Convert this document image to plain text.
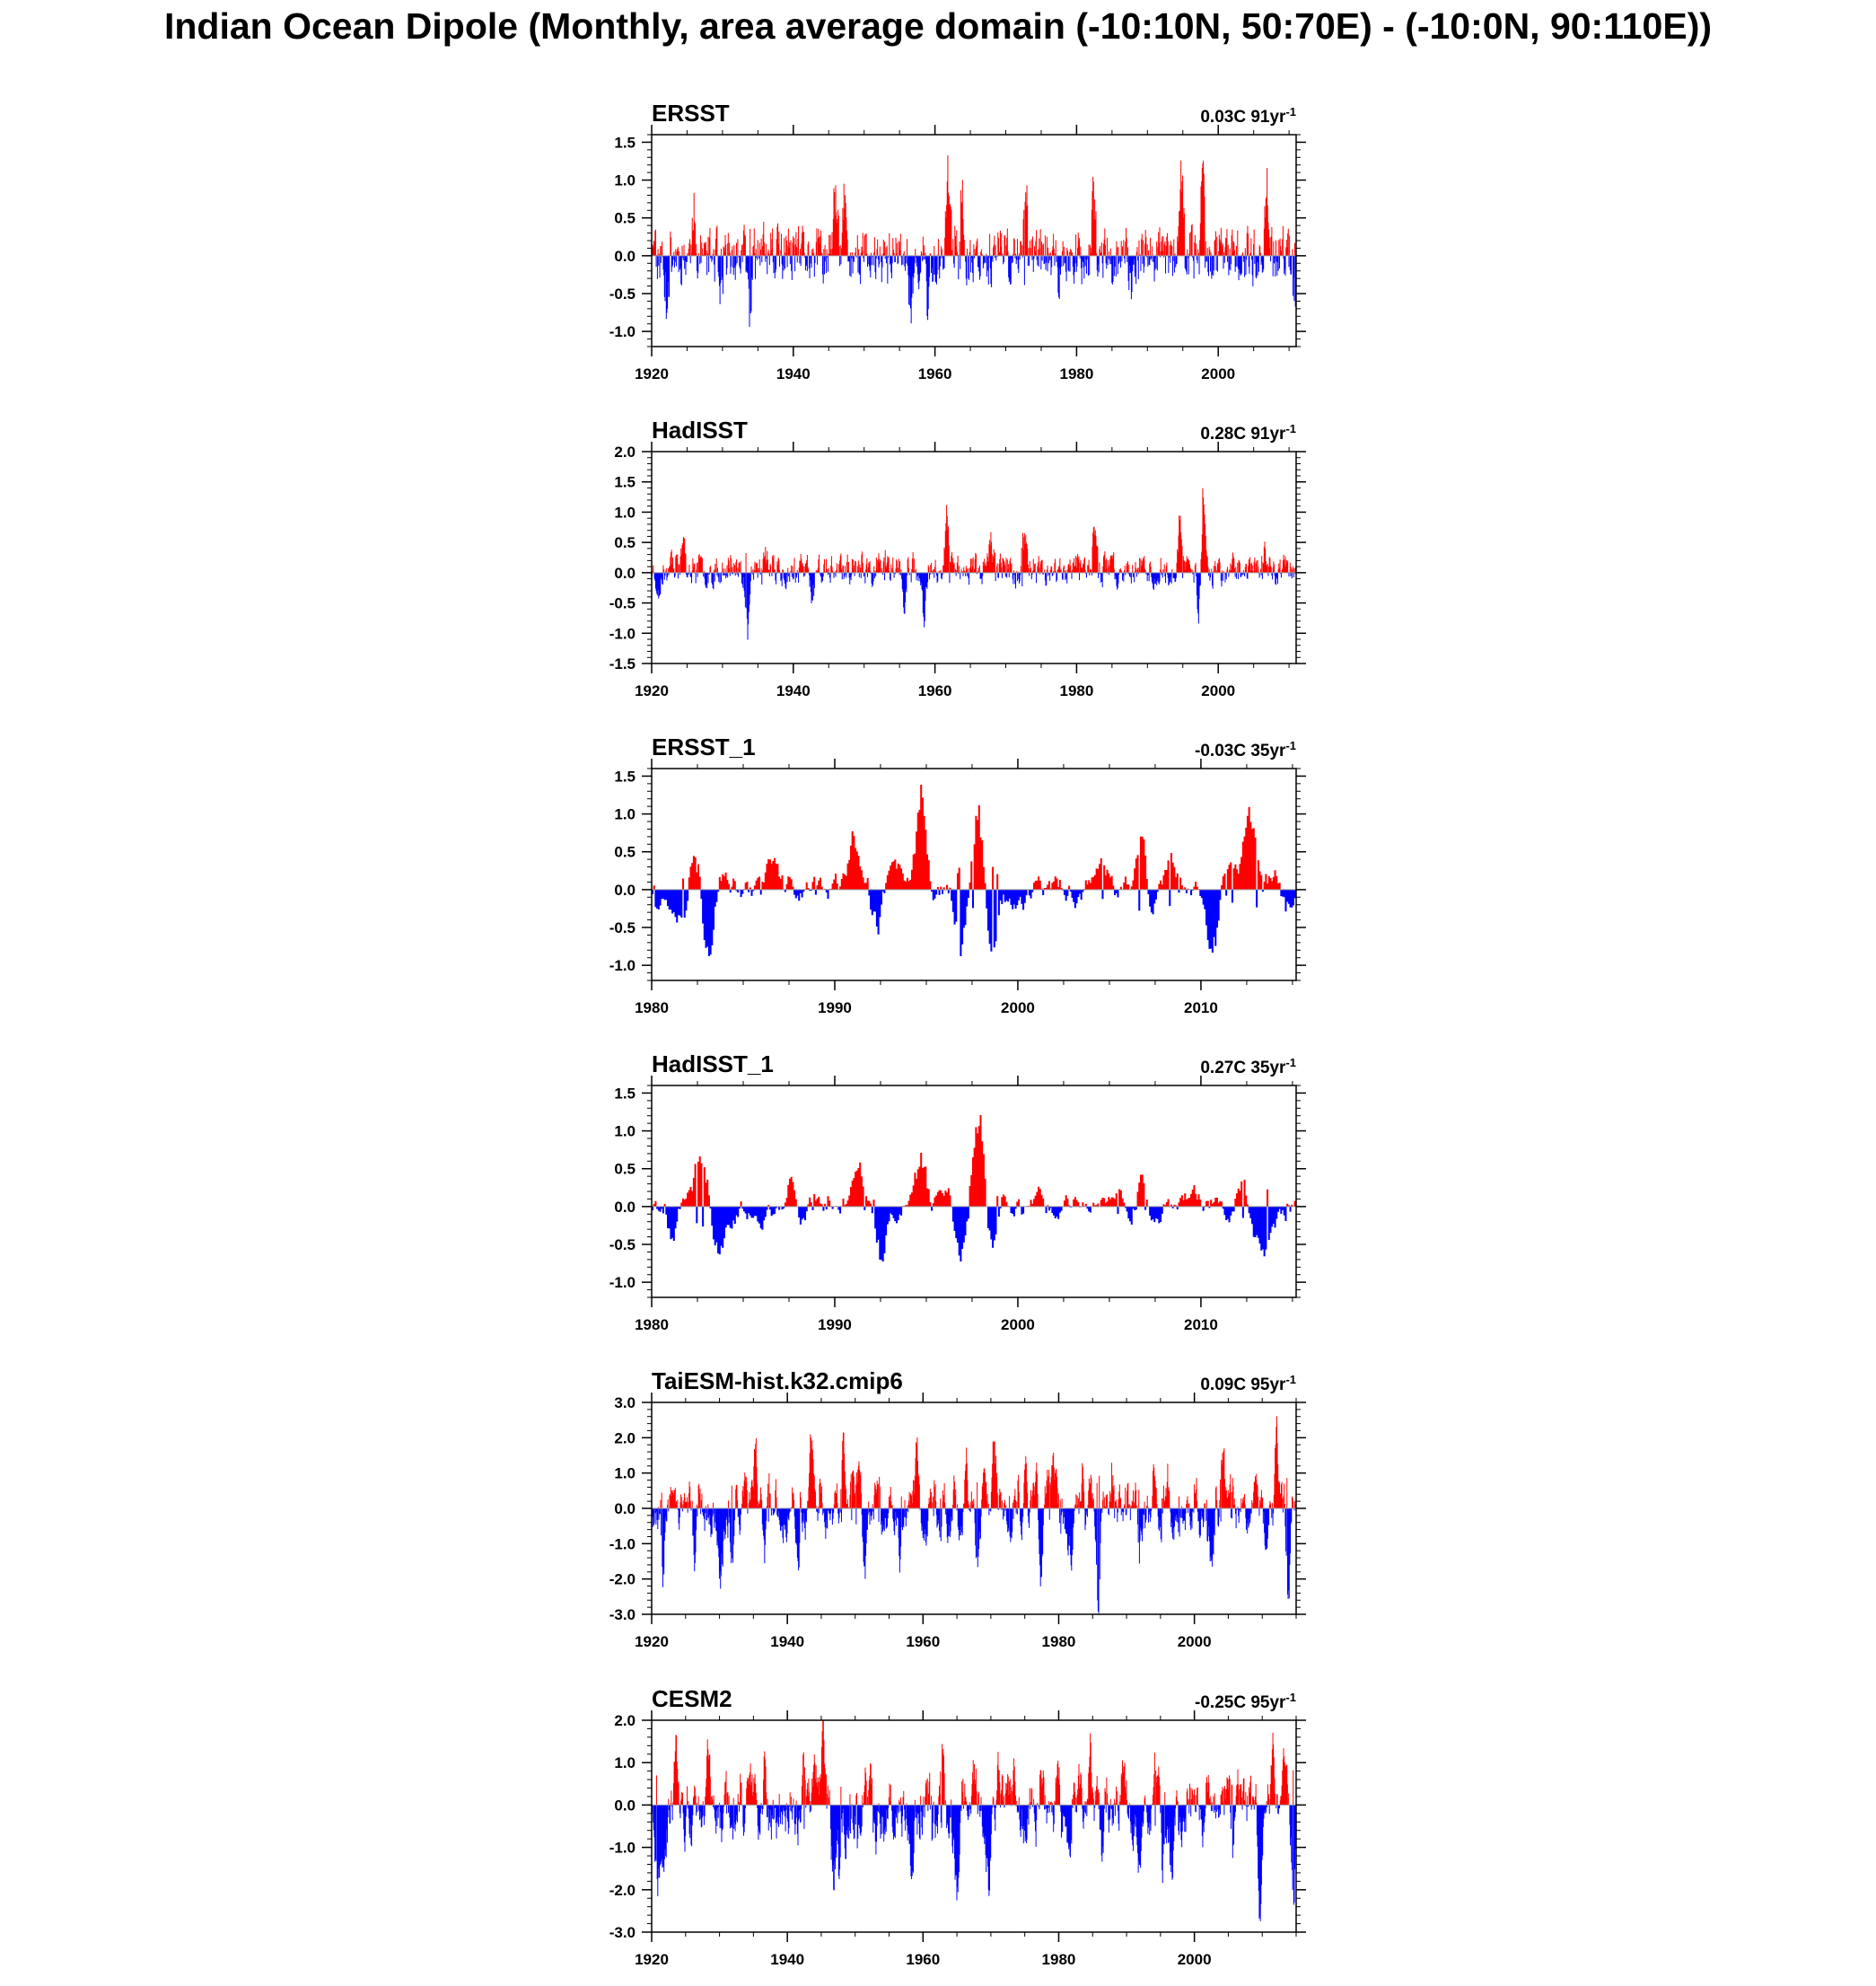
Indian Ocean Dipole (Monthly, area average domain (-10:10N, 50:70E) - (-10:0N, 90:110E))
ERSST	0.03C $91yr^{-1}$
-1.0
-0.5
0.0
0.5
1.0
1.5
1920	1940	1960	1980	2000
HadISST	0.28C $91yr^{-1}$
-1.5
-1.0
-0.5
0.0
0.5
1.0
1.5
2.0
1920	1940	1960	1980	2000
ERSST_1	-0.03C $35yr^{-1}$
-1.0
-0.5
0.0
0.5
1.0
1.5
1980	1990	2000	2010
HadISST_1	0.27C $35yr^{-1}$
-1.0
-0.5
0.0
0.5
1.0
1.5
1980	1990	2000	2010
TaiESM-hist.k32.cmip6	0.09C $95yr^{-1}$
-3.0
-2.0
-1.0
0.0
1.0
2.0
3.0
1920	1940	1960	1980	2000
CESM2	-0.25C $95yr^{-1}$
-3.0
-2.0
-1.0
0.0
1.0
2.0
1920	1940	1960	1980	2000
